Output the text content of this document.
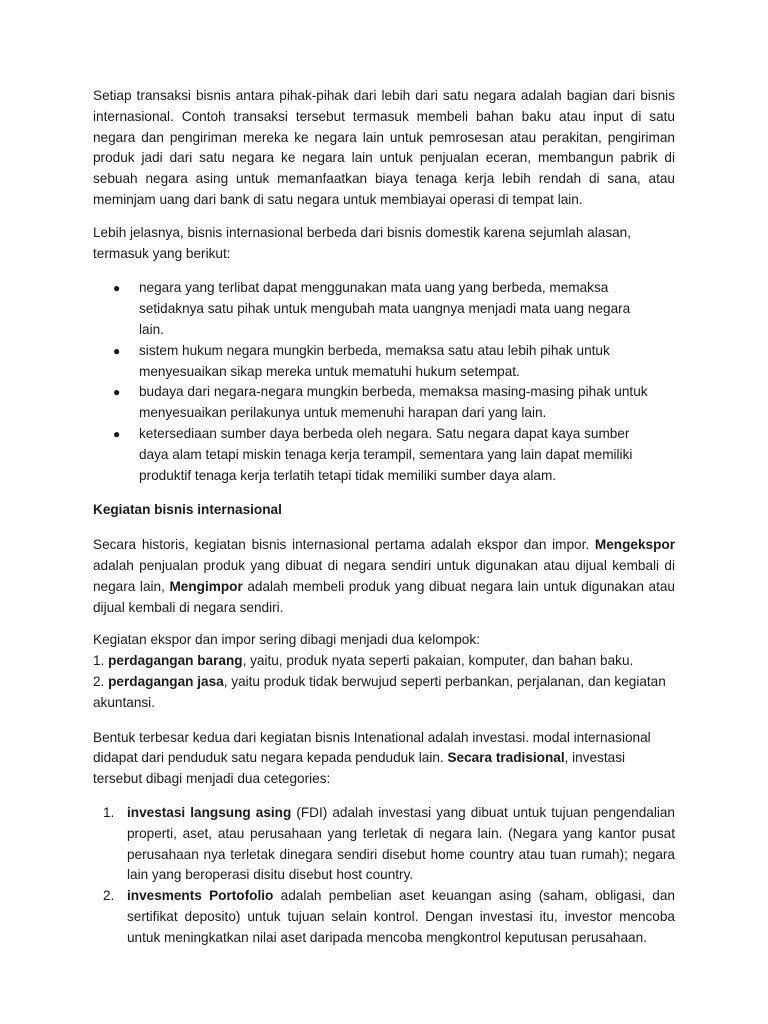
Setiap transaksi bisnis antara pihak-pihak dari lebih dari satu negara adalah bagian dari bisnis internasional. Contoh transaksi tersebut termasuk membeli bahan baku atau input di satu negara dan pengiriman mereka ke negara lain untuk pemrosesan atau perakitan, pengiriman produk jadi dari satu negara ke negara lain untuk penjualan eceran, membangun pabrik di sebuah negara asing untuk memanfaatkan biaya tenaga kerja lebih rendah di sana, atau meminjam uang dari bank di satu negara untuk membiayai operasi di tempat lain.

Lebih jelasnya, bisnis internasional berbeda dari bisnis domestik karena sejumlah alasan, termasuk yang berikut:

● negara yang terlibat dapat menggunakan mata uang yang berbeda, memaksa setidaknya satu pihak untuk mengubah mata uangnya menjadi mata uang negara lain.
● sistem hukum negara mungkin berbeda, memaksa satu atau lebih pihak untuk menyesuaikan sikap mereka untuk mematuhi hukum setempat.
● budaya dari negara-negara mungkin berbeda, memaksa masing-masing pihak untuk menyesuaikan perilakunya untuk memenuhi harapan dari yang lain.
● ketersediaan sumber daya berbeda oleh negara. Satu negara dapat kaya sumber daya alam tetapi miskin tenaga kerja terampil, sementara yang lain dapat memiliki produktif tenaga kerja terlatih tetapi tidak memiliki sumber daya alam.

Kegiatan bisnis internasional

Secara historis, kegiatan bisnis internasional pertama adalah ekspor dan impor. Mengekspor adalah penjualan produk yang dibuat di negara sendiri untuk digunakan atau dijual kembali di negara lain, Mengimpor adalah membeli produk yang dibuat negara lain untuk digunakan atau dijual kembali di negara sendiri.

Kegiatan ekspor dan impor sering dibagi menjadi dua kelompok:

1. perdagangan barang, yaitu, produk nyata seperti pakaian, komputer, dan bahan baku.

2. perdagangan jasa, yaitu produk tidak berwujud seperti perbankan, perjalanan, dan kegiatan akuntansi.

Bentuk terbesar kedua dari kegiatan bisnis Intenational adalah investasi. modal internasional didapat dari penduduk satu negara kepada penduduk lain. Secara tradisional, investasi tersebut dibagi menjadi dua cetegories:

1. investasi langsung asing (FDI) adalah investasi yang dibuat untuk tujuan pengendalian properti, aset, atau perusahaan yang terletak di negara lain. (Negara yang kantor pusat perusahaan nya terletak dinegara sendiri disebut home country atau tuan rumah); negara lain yang beroperasi disitu disebut host country.
2. invesments Portofolio adalah pembelian aset keuangan asing (saham, obligasi, dan sertifikat deposito) untuk tujuan selain kontrol. Dengan investasi itu, investor mencoba untuk meningkatkan nilai aset daripada mencoba mengkontrol keputusan perusahaan.
